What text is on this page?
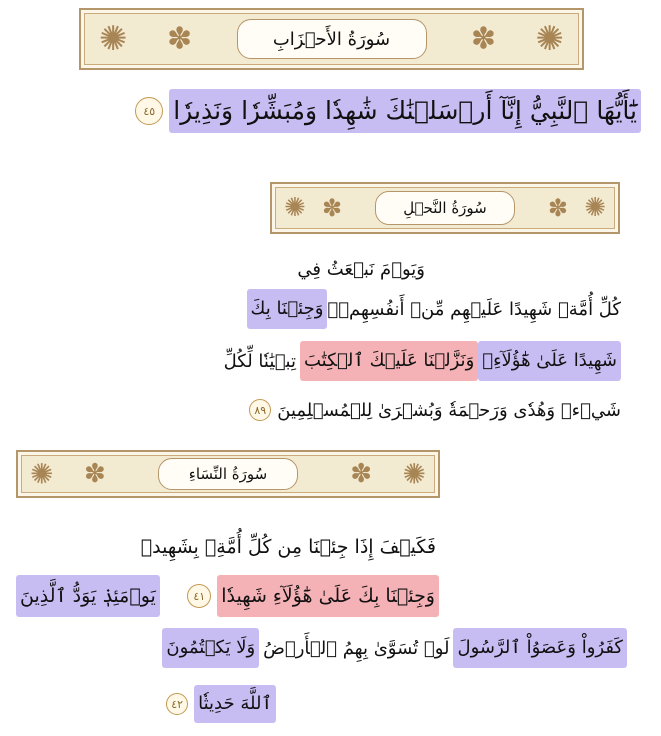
✺ ✽	✽ ✺
سُورَةُ الأَحۡزَابِ
يَٰٓأَيُّهَا ٱلنَّبِيُّ إِنَّآ أَرۡسَلۡنَٰكَ شَٰهِدٗا وَمُبَشِّرٗا وَنَذِيرٗا
٤٥
✺ ✽	✽ ✺
سُورَةُ النَّحۡلِ
وَيَوۡمَ نَبۡعَثُ فِي
كُلِّ أُمَّةٖ شَهِيدًا عَلَيۡهِم مِّنۡ أَنفُسِهِمۡۖ
وَجِئۡنَا بِكَ
شَهِيدًا عَلَىٰ هَٰٓؤُلَآءِۚ
وَنَزَّلۡنَا عَلَيۡكَ ٱلۡكِتَٰبَ
تِبۡيَٰنٗا لِّكُلِّ
شَيۡءٖ وَهُدٗى وَرَحۡمَةٗ وَبُشۡرَىٰ لِلۡمُسۡلِمِينَ
٨٩
✺ ✽	✽ ✺
سُورَةُ النِّسَاءِ
فَكَيۡفَ إِذَا جِئۡنَا مِن كُلِّ أُمَّةِۭ بِشَهِيدٖ
وَجِئۡنَا بِكَ عَلَىٰ هَٰٓؤُلَآءِ شَهِيدٗا
٤١
يَوۡمَئِذٖ يَوَدُّ ٱلَّذِينَ
كَفَرُواْ وَعَصَوُاْ ٱلرَّسُولَ
لَوۡ تُسَوَّىٰ بِهِمُ ٱلۡأَرۡضُ
وَلَا يَكۡتُمُونَ
ٱللَّهَ حَدِيثٗا
٤٢
